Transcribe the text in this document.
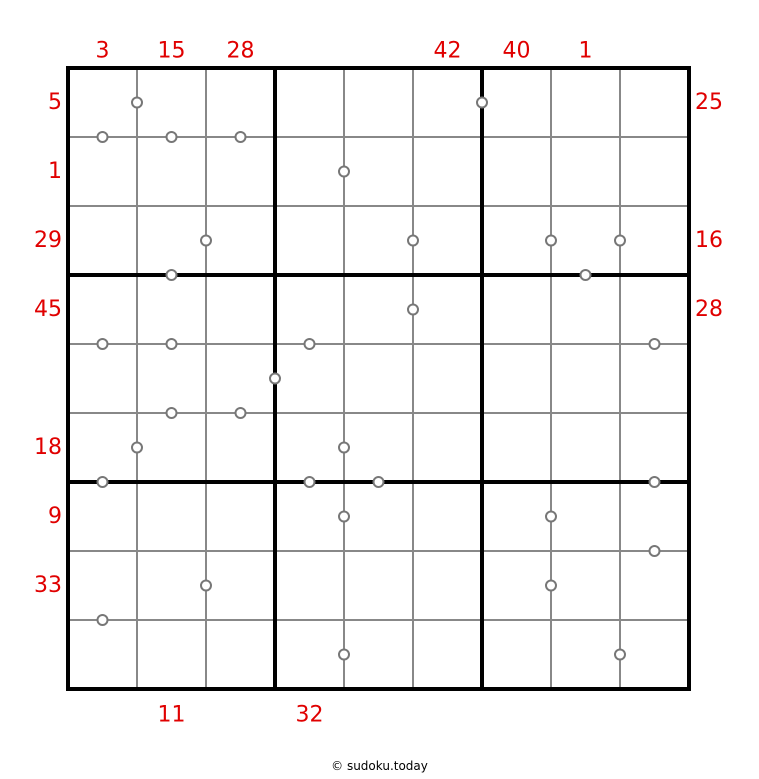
3
5	25
15
11
1
28
29	16
32
45	28
42
18
40
9
1
33
© sudoku.today
